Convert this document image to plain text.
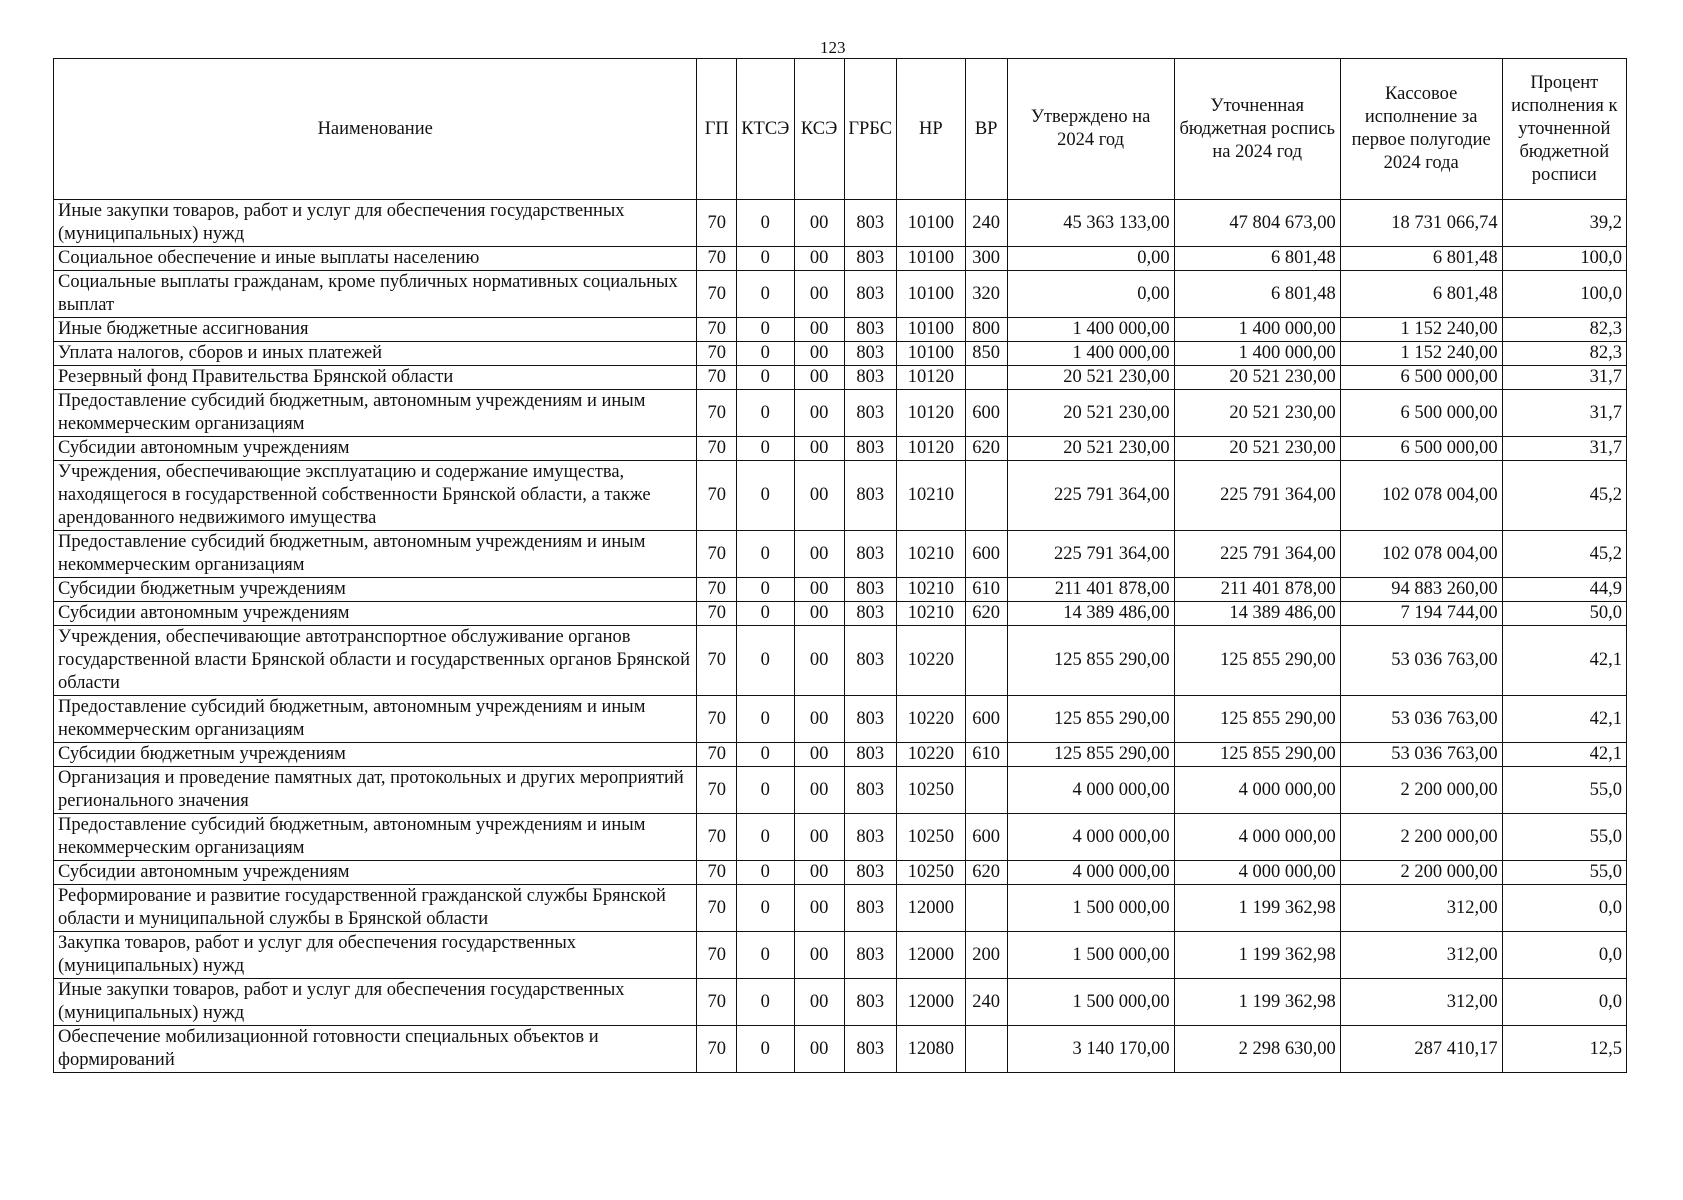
123
Наименование	ГП	КТСЭ	КСЭ	ГРБС	НР	ВР	Утверждено на 2024 год	Уточненная бюджетная роспись на 2024 год	Кассовое исполнение за первое полугодие 2024 года	Процент исполнения к уточненной бюджетной росписи
Иные закупки товаров, работ и услуг для обеспечения государственных (муниципальных) нужд	70	0	00	803	10100	240	45 363 133,00	47 804 673,00	18 731 066,74	39,2
Социальное обеспечение и иные выплаты населению	70	0	00	803	10100	300	0,00	6 801,48	6 801,48	100,0
Социальные выплаты гражданам, кроме публичных нормативных социальных выплат	70	0	00	803	10100	320	0,00	6 801,48	6 801,48	100,0
Иные бюджетные ассигнования	70	0	00	803	10100	800	1 400 000,00	1 400 000,00	1 152 240,00	82,3
Уплата налогов, сборов и иных платежей	70	0	00	803	10100	850	1 400 000,00	1 400 000,00	1 152 240,00	82,3
Резервный фонд Правительства Брянской области	70	0	00	803	10120		20 521 230,00	20 521 230,00	6 500 000,00	31,7
Предоставление субсидий бюджетным, автономным учреждениям и иным некоммерческим организациям	70	0	00	803	10120	600	20 521 230,00	20 521 230,00	6 500 000,00	31,7
Субсидии автономным учреждениям	70	0	00	803	10120	620	20 521 230,00	20 521 230,00	6 500 000,00	31,7
Учреждения, обеспечивающие эксплуатацию и содержание имущества, находящегося в государственной собственности Брянской области, а также арендованного недвижимого имущества	70	0	00	803	10210		225 791 364,00	225 791 364,00	102 078 004,00	45,2
Предоставление субсидий бюджетным, автономным учреждениям и иным некоммерческим организациям	70	0	00	803	10210	600	225 791 364,00	225 791 364,00	102 078 004,00	45,2
Субсидии бюджетным учреждениям	70	0	00	803	10210	610	211 401 878,00	211 401 878,00	94 883 260,00	44,9
Субсидии автономным учреждениям	70	0	00	803	10210	620	14 389 486,00	14 389 486,00	7 194 744,00	50,0
Учреждения, обеспечивающие автотранспортное обслуживание органов государственной власти Брянской области и государственных органов Брянской области	70	0	00	803	10220		125 855 290,00	125 855 290,00	53 036 763,00	42,1
Предоставление субсидий бюджетным, автономным учреждениям и иным некоммерческим организациям	70	0	00	803	10220	600	125 855 290,00	125 855 290,00	53 036 763,00	42,1
Субсидии бюджетным учреждениям	70	0	00	803	10220	610	125 855 290,00	125 855 290,00	53 036 763,00	42,1
Организация и проведение памятных дат, протокольных и других мероприятий регионального значения	70	0	00	803	10250		4 000 000,00	4 000 000,00	2 200 000,00	55,0
Предоставление субсидий бюджетным, автономным учреждениям и иным некоммерческим организациям	70	0	00	803	10250	600	4 000 000,00	4 000 000,00	2 200 000,00	55,0
Субсидии автономным учреждениям	70	0	00	803	10250	620	4 000 000,00	4 000 000,00	2 200 000,00	55,0
Реформирование и развитие государственной гражданской службы Брянской области и муниципальной службы в Брянской области	70	0	00	803	12000		1 500 000,00	1 199 362,98	312,00	0,0
Закупка товаров, работ и услуг для обеспечения государственных (муниципальных) нужд	70	0	00	803	12000	200	1 500 000,00	1 199 362,98	312,00	0,0
Иные закупки товаров, работ и услуг для обеспечения государственных (муниципальных) нужд	70	0	00	803	12000	240	1 500 000,00	1 199 362,98	312,00	0,0
Обеспечение мобилизационной готовности специальных объектов и формирований	70	0	00	803	12080		3 140 170,00	2 298 630,00	287 410,17	12,5
